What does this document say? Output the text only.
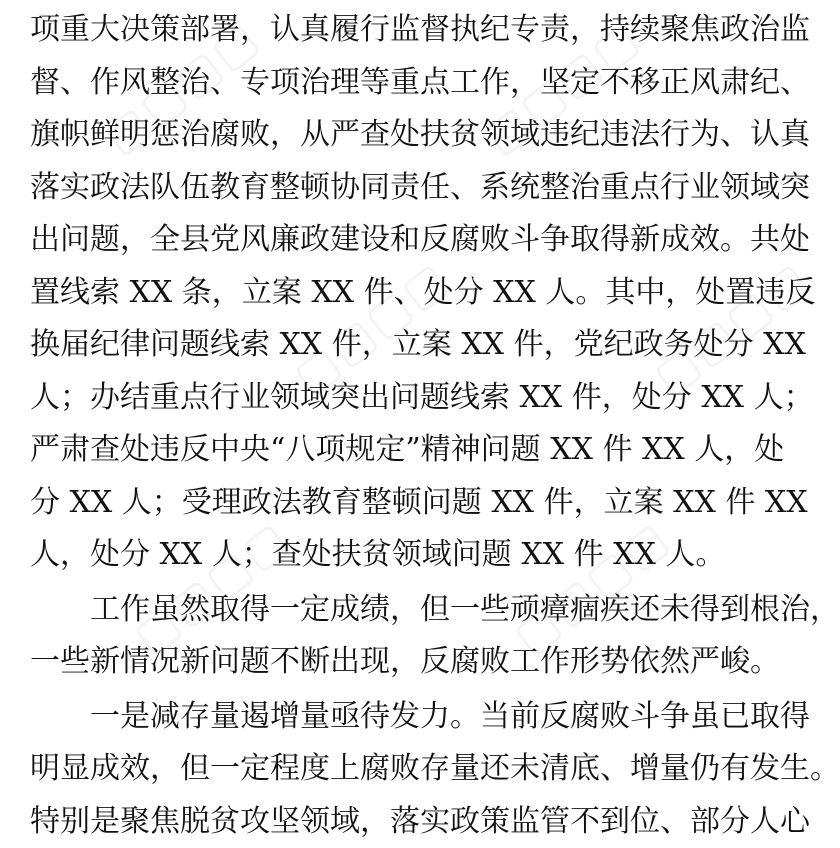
▢▢▢▢	▢▢▢▢
▢▢▢▢	▢▢▢▢
▢▢▢▢	▢▢▢▢
项重大决策部署，认真履行监督执纪专责，持续聚焦政治监
督、作风整治、专项治理等重点工作，坚定不移正风肃纪、
旗帜鲜明惩治腐败，从严查处扶贫领域违纪违法行为、认真
落实政法队伍教育整顿协同责任、系统整治重点行业领域突
出问题，全县党风廉政建设和反腐败斗争取得新成效。共处
置线索 XX 条，立案 XX 件、处分 XX 人。其中，处置违反
换届纪律问题线索 XX 件，立案 XX 件，党纪政务处分 XX
人；办结重点行业领域突出问题线索 XX 件，处分 XX 人；
严肃查处违反中央“八项规定”精神问题 XX 件 XX 人，处
分 XX 人；受理政法教育整顿问题 XX 件，立案 XX 件 XX
人，处分 XX 人；查处扶贫领域问题 XX 件 XX 人。
工作虽然取得一定成绩，但一些顽瘴痼疾还未得到根治，
一些新情况新问题不断出现，反腐败工作形势依然严峻。
一是减存量遏增量亟待发力。当前反腐败斗争虽已取得
明显成效，但一定程度上腐败存量还未清底、增量仍有发生。
特别是聚焦脱贫攻坚领域，落实政策监管不到位、部分人心
